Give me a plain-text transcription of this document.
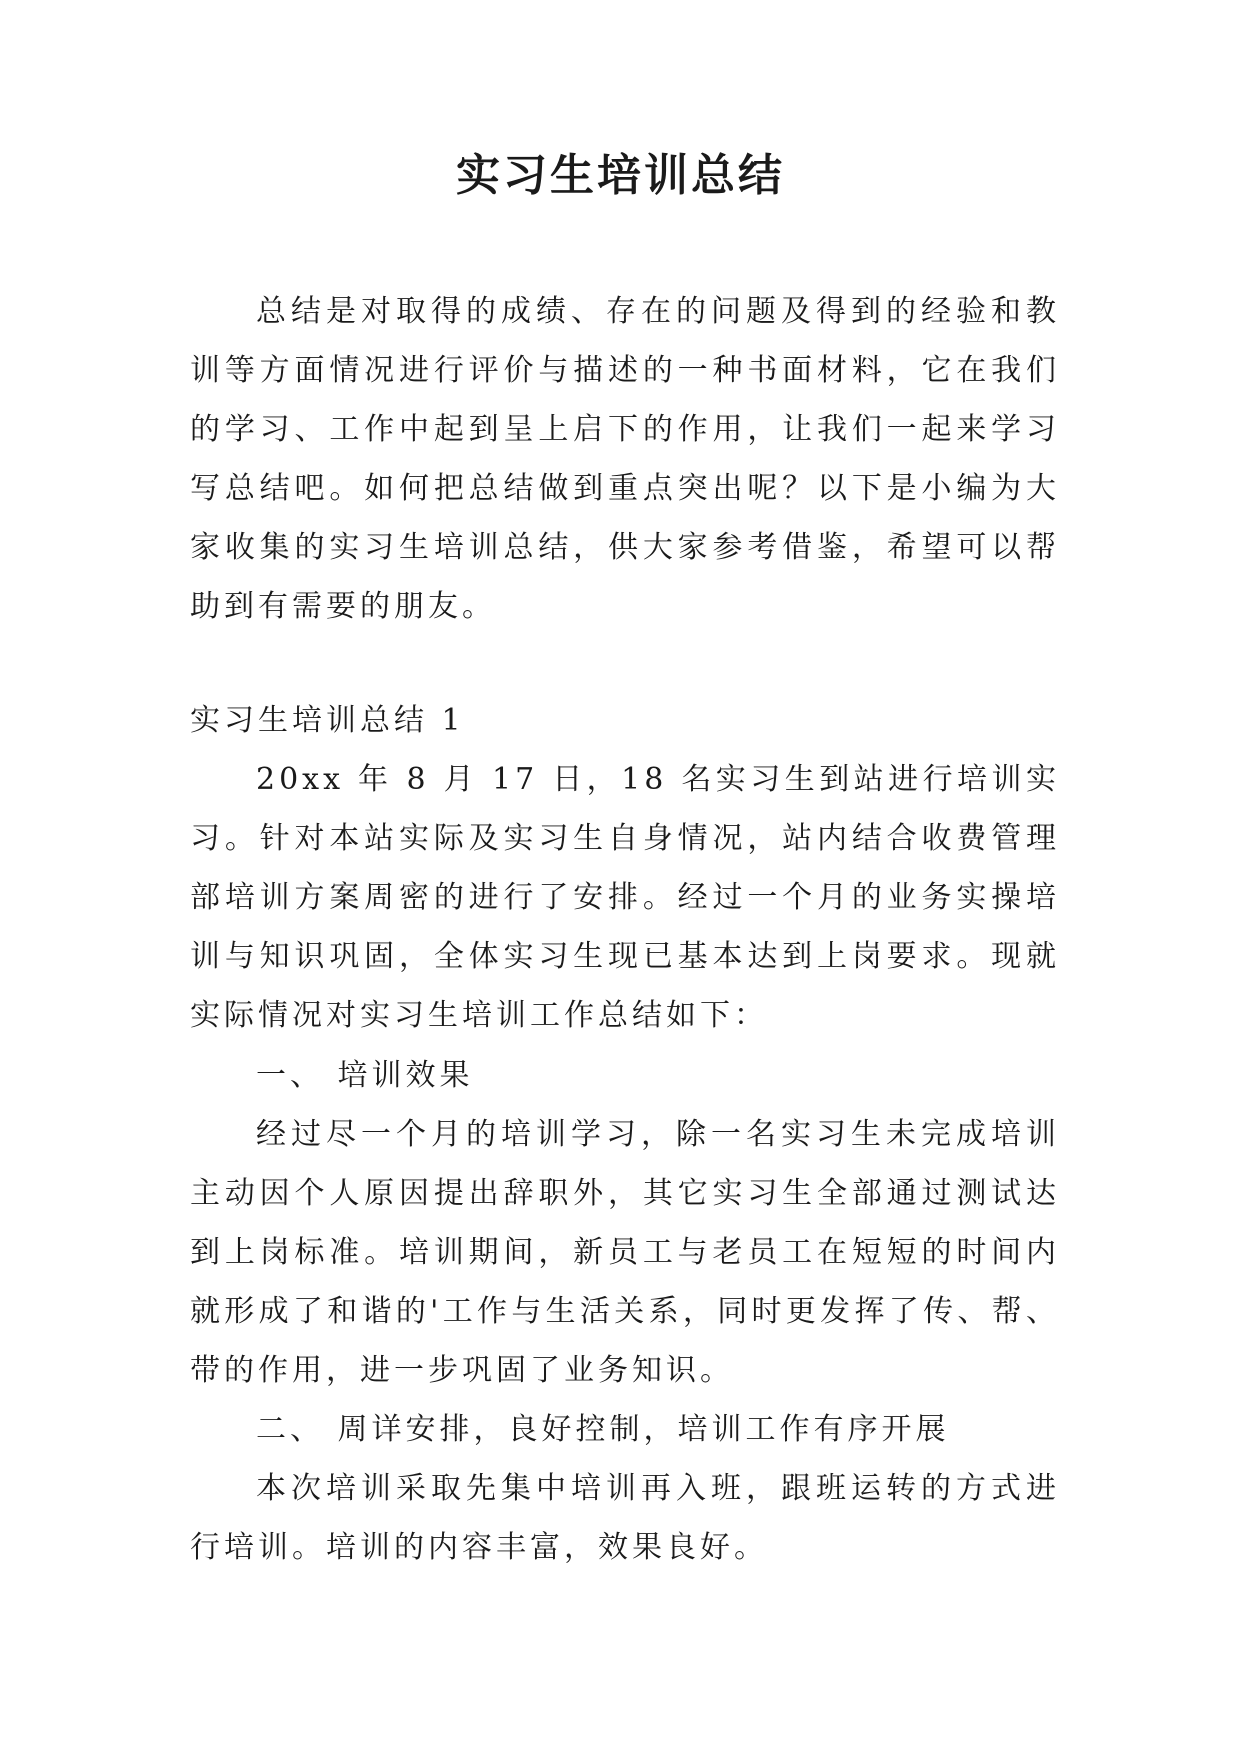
实习生培训总结

总结是对取得的成绩、存在的问题及得到的经验和教训等方面情况进行评价与描述的一种书面材料，它在我们的学习、工作中起到呈上启下的作用，让我们一起来学习写总结吧。如何把总结做到重点突出呢？以下是小编为大家收集的实习生培训总结，供大家参考借鉴，希望可以帮助到有需要的朋友。

实习生培训总结 1

20xx 年 8 月 17 日，18 名实习生到站进行培训实习。针对本站实际及实习生自身情况，站内结合收费管理部培训方案周密的进行了安排。经过一个月的业务实操培训与知识巩固，全体实习生现已基本达到上岗要求。现就实际情况对实习生培训工作总结如下：

一、 培训效果

经过尽一个月的培训学习，除一名实习生未完成培训主动因个人原因提出辞职外，其它实习生全部通过测试达到上岗标准。培训期间，新员工与老员工在短短的时间内就形成了和谐的'工作与生活关系，同时更发挥了传、帮、带的作用，进一步巩固了业务知识。

二、 周详安排，良好控制，培训工作有序开展

本次培训采取先集中培训再入班，跟班运转的方式进行培训。培训的内容丰富，效果良好。
